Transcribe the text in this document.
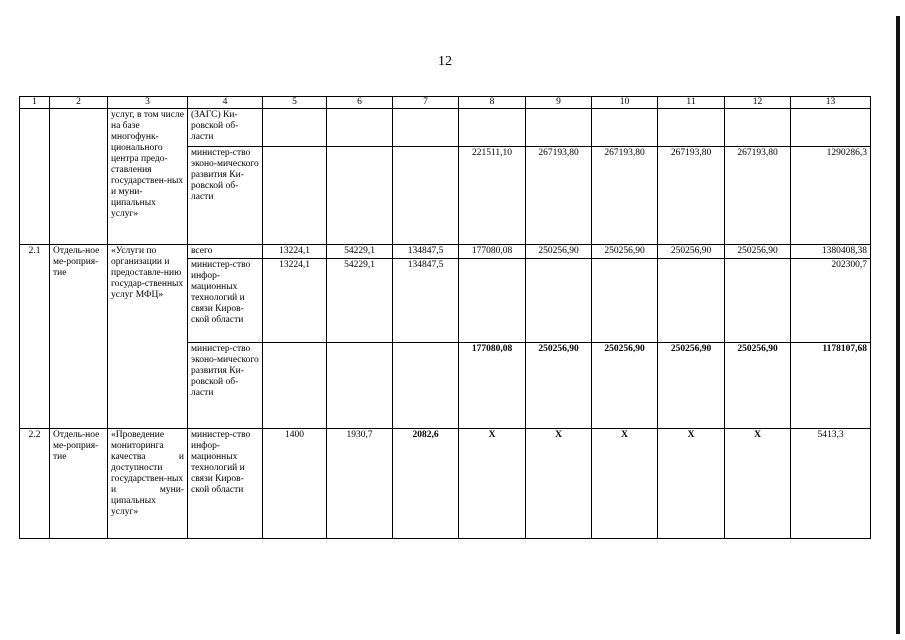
12
1	2	3	4	5	6	7	8	9	10	11	12	13
		услуг, в том числе на базе многофунк-ционального центра предо-ставления государствен-ных и муни-ципальных услуг»	(ЗАГС) Ки-ровской об-ласти									
			министер-ство эконо-мического развития Ки-ровской об-ласти				221511,10	267193,80	267193,80	267193,80	267193,80	1290286,3
2.1	Отдель-ное ме-роприя-тие	«Услуги по организации и предоставле-нию государ-ственных услуг МФЦ»	всего	13224,1	54229,1	134847,5	177080,08	250256,90	250256,90	250256,90	250256,90	1380408,38
			министер-ство инфор-мационных технологий и связи Киров-ской области	13224,1	54229,1	134847,5						202300,7
			министер-ство эконо-мического развития Ки-ровской об-ласти				177080,08	250256,90	250256,90	250256,90	250256,90	1178107,68
2.2	Отдель-ное ме-роприя-тие	«Проведение мониторинга качества и доступности государствен-ных и муни-ципальных услуг»	министер-ство инфор-мационных технологий и связи Киров-ской области	1400	1930,7	2082,6	X	X	X	X	X	5413,3
